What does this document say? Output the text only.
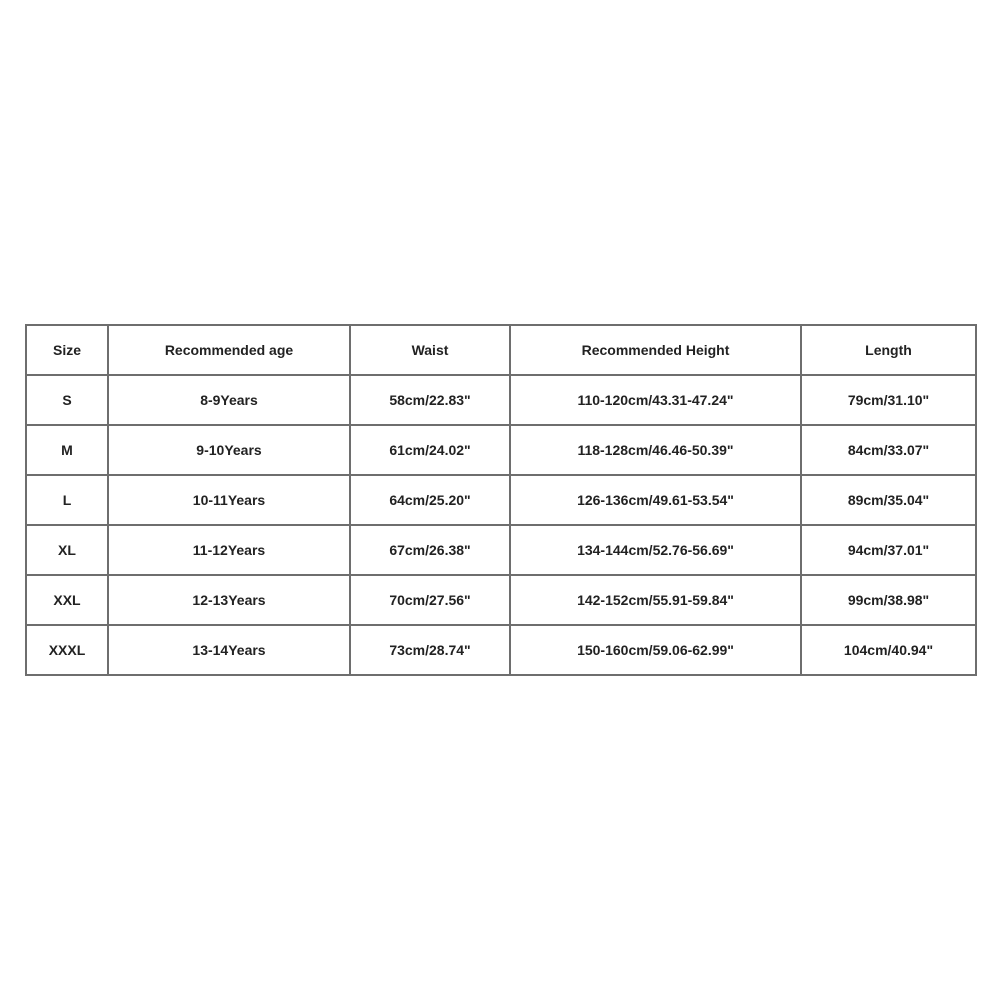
Size	Recommended age	Waist	Recommended Height	Length
S	8-9Years	58cm/22.83"	110-120cm/43.31-47.24"	79cm/31.10"
M	9-10Years	61cm/24.02"	118-128cm/46.46-50.39"	84cm/33.07"
L	10-11Years	64cm/25.20"	126-136cm/49.61-53.54"	89cm/35.04"
XL	11-12Years	67cm/26.38"	134-144cm/52.76-56.69"	94cm/37.01"
XXL	12-13Years	70cm/27.56"	142-152cm/55.91-59.84"	99cm/38.98"
XXXL	13-14Years	73cm/28.74"	150-160cm/59.06-62.99"	104cm/40.94"
